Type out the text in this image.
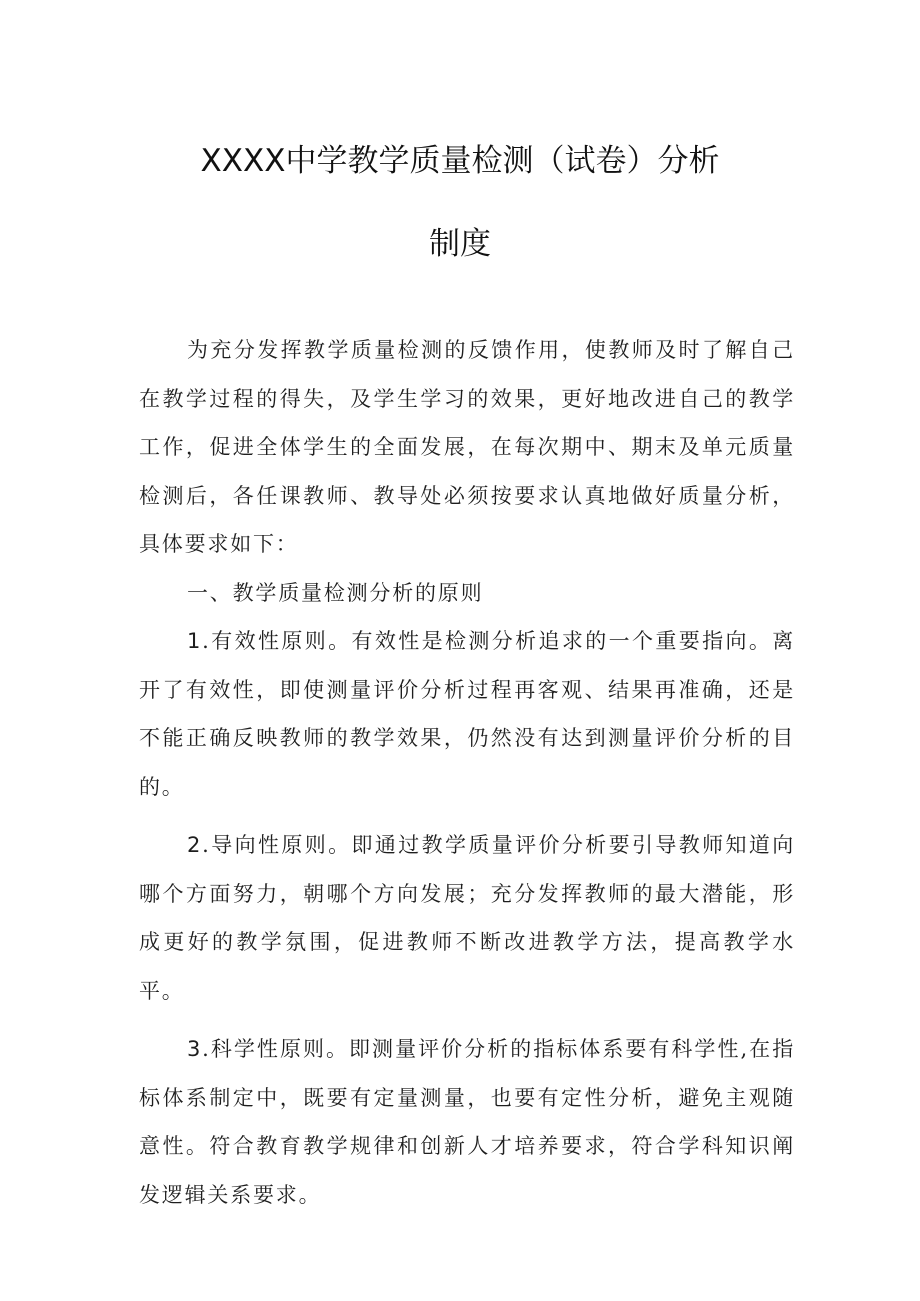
XXXX中学教学质量检测（试卷）分析
制度

为充分发挥教学质量检测的反馈作用，使教师及时了解自己在教学过程的得失，及学生学习的效果，更好地改进自己的教学工作，促进全体学生的全面发展，在每次期中、期末及单元质量检测后，各任课教师、教导处必须按要求认真地做好质量分析，具体要求如下：

一、教学质量检测分析的原则

1.有效性原则。有效性是检测分析追求的一个重要指向。离开了有效性，即使测量评价分析过程再客观、结果再准确，还是不能正确反映教师的教学效果，仍然没有达到测量评价分析的目的。

2.导向性原则。即通过教学质量评价分析要引导教师知道向哪个方面努力，朝哪个方向发展；充分发挥教师的最大潜能，形成更好的教学氛围，促进教师不断改进教学方法，提高教学水平。

3.科学性原则。即测量评价分析的指标体系要有科学性,在指标体系制定中，既要有定量测量，也要有定性分析，避免主观随意性。符合教育教学规律和创新人才培养要求，符合学科知识阐发逻辑关系要求。
